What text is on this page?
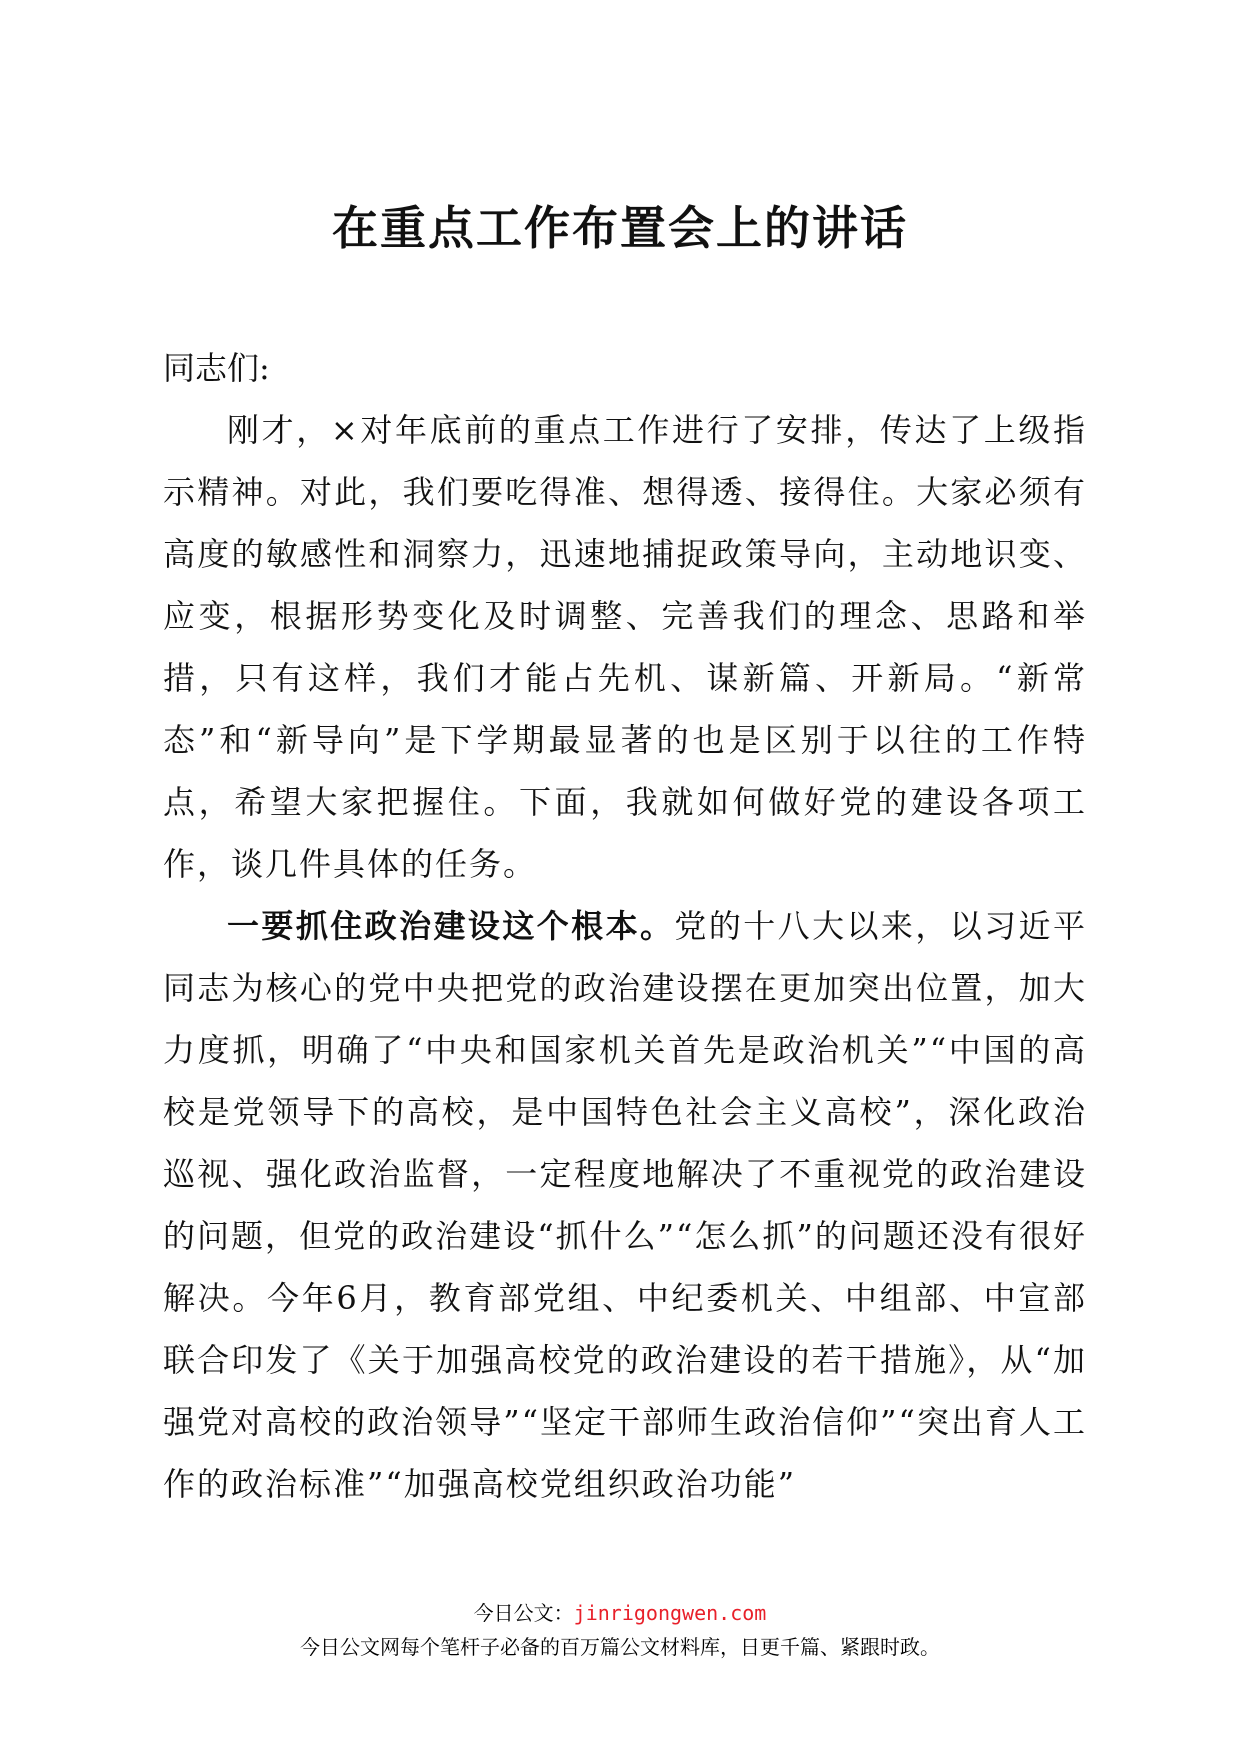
在重点工作布置会上的讲话

同志们:

刚才，×对年底前的重点工作进行了安排，传达了上级指示精神。对此，我们要吃得准、想得透、接得住。大家必须有高度的敏感性和洞察力，迅速地捕捉政策导向，主动地识变、应变，根据形势变化及时调整、完善我们的理念、思路和举措，只有这样，我们才能占先机、谋新篇、开新局。“新常态”和“新导向”是下学期最显著的也是区别于以往的工作特点，希望大家把握住。下面，我就如何做好党的建设各项工作，谈几件具体的任务。

一要抓住政治建设这个根本。党的十八大以来，以习近平同志为核心的党中央把党的政治建设摆在更加突出位置，加大力度抓，明确了“中央和国家机关首先是政治机关”“中国的高校是党领导下的高校，是中国特色社会主义高校”，深化政治巡视、强化政治监督，一定程度地解决了不重视党的政治建设的问题，但党的政治建设“抓什么”“怎么抓”的问题还没有很好解决。今年6月，教育部党组、中纪委机关、中组部、中宣部联合印发了《关于加强高校党的政治建设的若干措施》，从“加强党对高校的政治领导”“坚定干部师生政治信仰”“突出育人工作的政治标准”“加强高校党组织政治功能”

今日公文：jinrigongwen.com
今日公文网每个笔杆子必备的百万篇公文材料库，日更千篇、紧跟时政。
